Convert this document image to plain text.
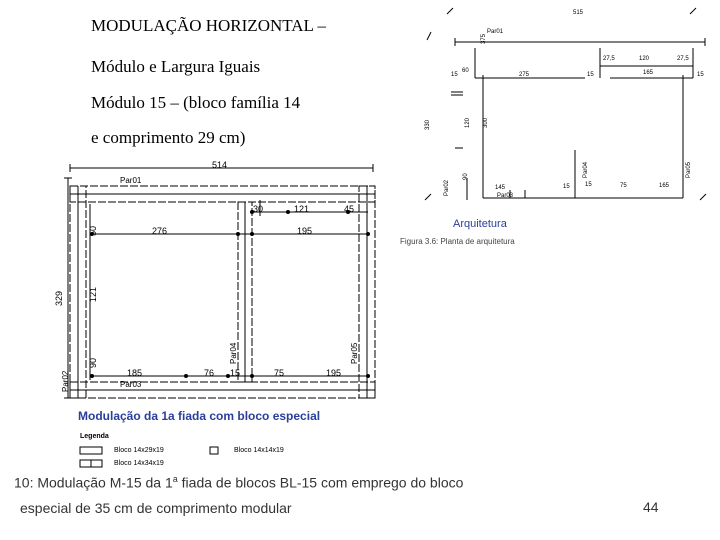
MODULAÇÃO HORIZONTAL –
Módulo e Largura Iguais
Módulo 15 – (bloco família 14
e comprimento 29 cm)
515
Par01
15
60
275	15
27,5	120	27,5
165	15
15	15	75	165
145
Par03
375
330	120 300
90
Par02
Par04	Par05
Arquitetura
Figura 3.6: Planta de arquitetura
514
Par01
30	121	45
276	195
185	76 15	75	195
Par03
329
50
121
90
Par02
Par04	Par05
Modulação da 1a fiada com bloco especial
Legenda
Bloco 14x29x19
Bloco 14x34x19
Bloco 14x14x19
10: Modulação M-15 da 1$^a$ fiada de blocos BL-15 com emprego do bloco
especial de 35 cm de comprimento modular	44
